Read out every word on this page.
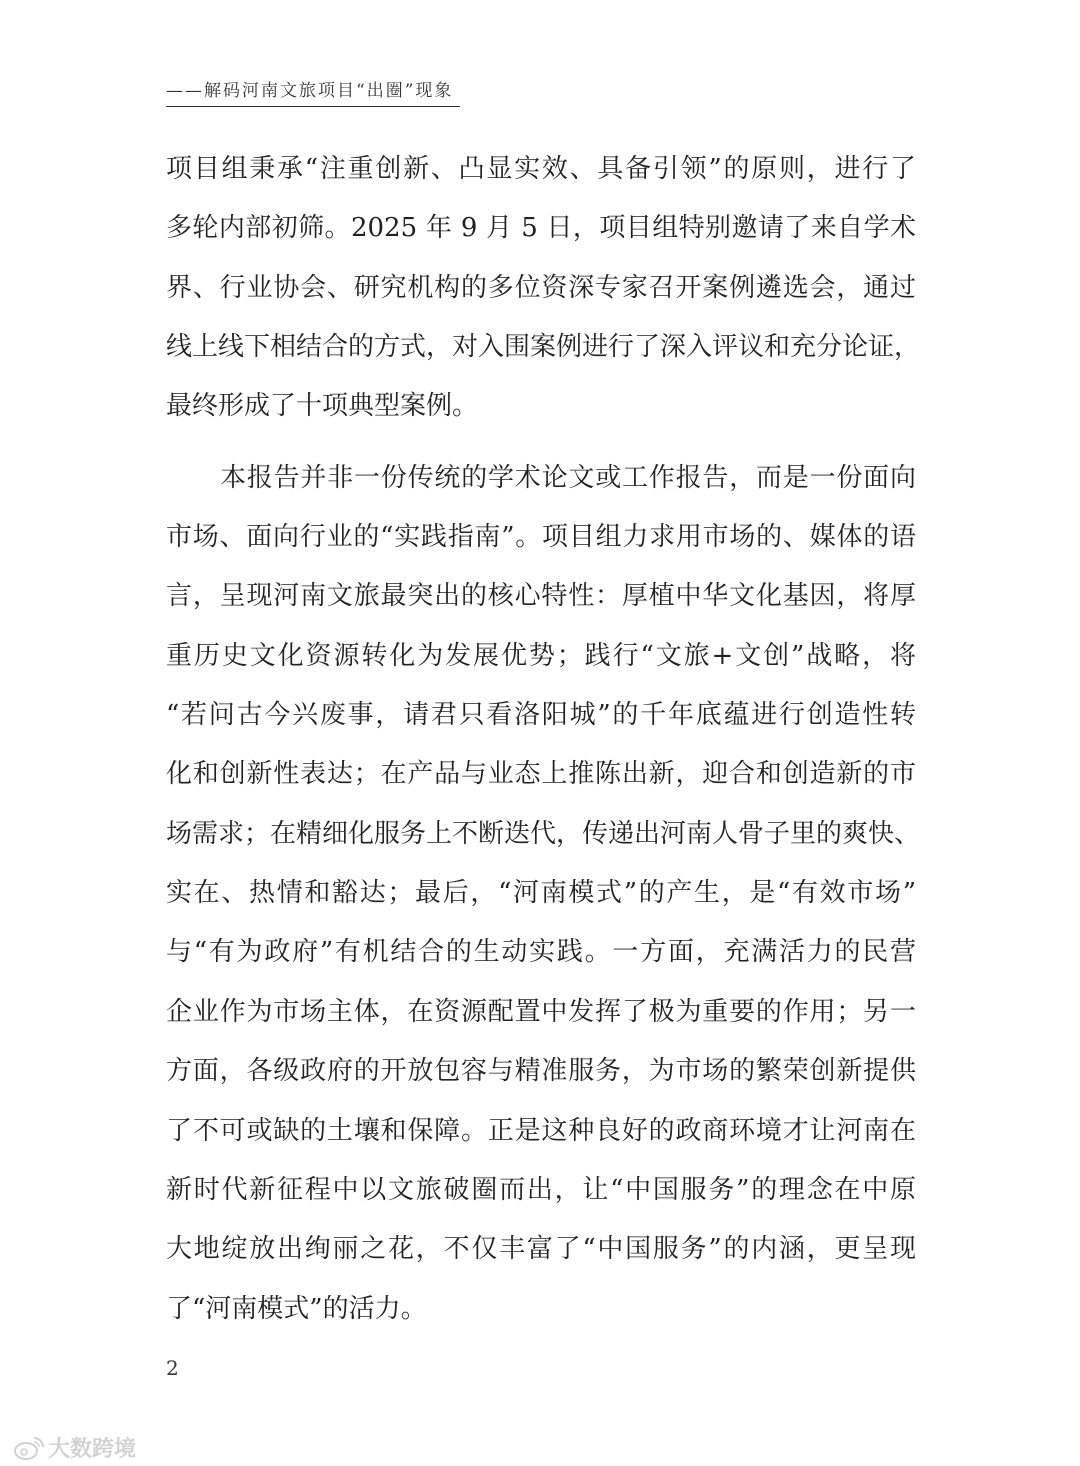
——解码河南文旅项目“出圈”现象
项目组秉承“注重创新、凸显实效、具备引领”的原则，进行了
多轮内部初筛。2025 年 9 月 5 日，项目组特别邀请了来自学术
界、行业协会、研究机构的多位资深专家召开案例遴选会，通过
线上线下相结合的方式，对入围案例进行了深入评议和充分论证，
最终形成了十项典型案例。
本报告并非一份传统的学术论文或工作报告，而是一份面向
市场、面向行业的“实践指南”。项目组力求用市场的、媒体的语
言，呈现河南文旅最突出的核心特性：厚植中华文化基因，将厚
重历史文化资源转化为发展优势；践行“文旅+文创”战略，将
“若问古今兴废事，请君只看洛阳城”的千年底蕴进行创造性转
化和创新性表达；在产品与业态上推陈出新，迎合和创造新的市
场需求；在精细化服务上不断迭代，传递出河南人骨子里的爽快、
实在、热情和豁达；最后，“河南模式”的产生，是“有效市场”
与“有为政府”有机结合的生动实践。一方面，充满活力的民营
企业作为市场主体，在资源配置中发挥了极为重要的作用；另一
方面，各级政府的开放包容与精准服务，为市场的繁荣创新提供
了不可或缺的土壤和保障。正是这种良好的政商环境才让河南在
新时代新征程中以文旅破圈而出，让“中国服务”的理念在中原
大地绽放出绚丽之花，不仅丰富了“中国服务”的内涵，更呈现
了“河南模式”的活力。
2
大数跨境
